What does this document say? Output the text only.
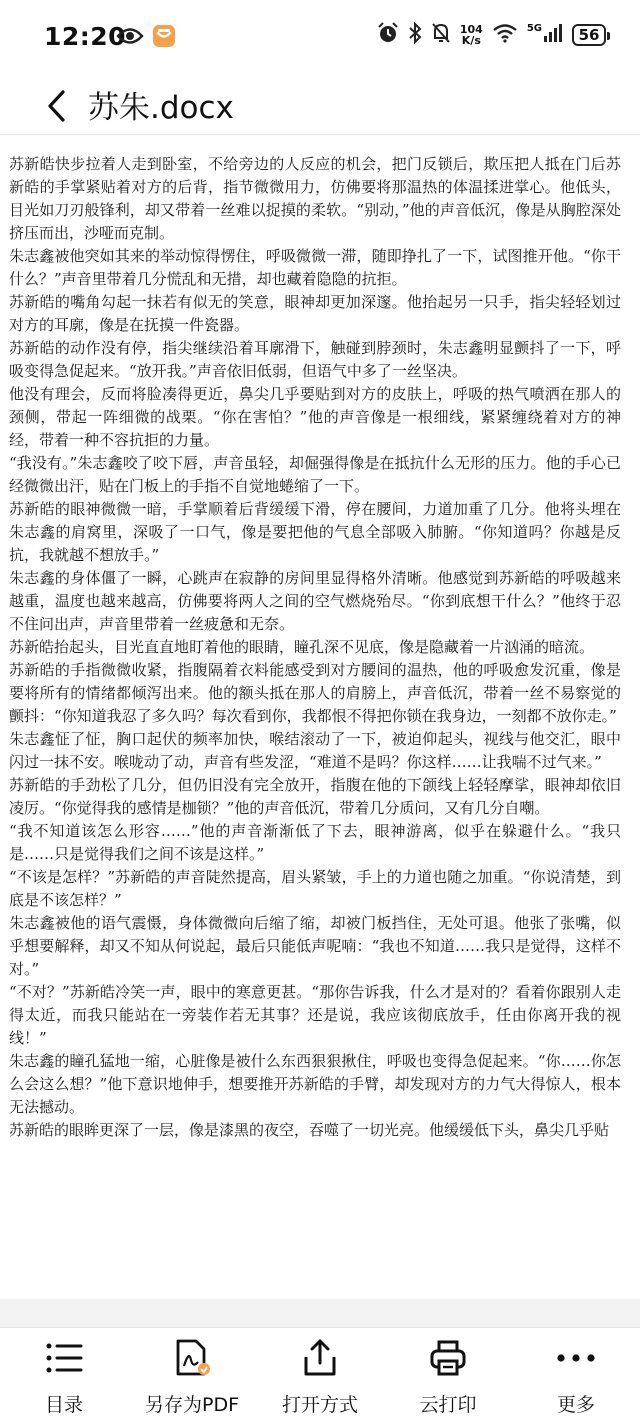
12:20	104
K/s
5G	56
苏朱.docx

苏新皓快步拉着人走到卧室，不给旁边的人反应的机会，把门反锁后，欺压把人抵在门后苏新皓的手掌紧贴着对方的后背，指节微微用力，仿佛要将那温热的体温揉进掌心。他低头，目光如刀刃般锋利，却又带着一丝难以捉摸的柔软。“别动，”他的声音低沉，像是从胸腔深处挤压而出，沙哑而克制。

朱志鑫被他突如其来的举动惊得愣住，呼吸微微一滞，随即挣扎了一下，试图推开他。“你干什么？”声音里带着几分慌乱和无措，却也藏着隐隐的抗拒。

苏新皓的嘴角勾起一抹若有似无的笑意，眼神却更加深邃。他抬起另一只手，指尖轻轻划过对方的耳廓，像是在抚摸一件瓷器。

苏新皓的动作没有停，指尖继续沿着耳廓滑下，触碰到脖颈时，朱志鑫明显颤抖了一下，呼吸变得急促起来。“放开我。”声音依旧低弱，但语气中多了一丝坚决。

他没有理会，反而将脸凑得更近，鼻尖几乎要贴到对方的皮肤上，呼吸的热气喷洒在那人的颈侧，带起一阵细微的战栗。“你在害怕？”他的声音像是一根细线，紧紧缠绕着对方的神经，带着一种不容抗拒的力量。

“我没有。”朱志鑫咬了咬下唇，声音虽轻，却倔强得像是在抵抗什么无形的压力。他的手心已经微微出汗，贴在门板上的手指不自觉地蜷缩了一下。

苏新皓的眼神微微一暗，手掌顺着后背缓缓下滑，停在腰间，力道加重了几分。他将头埋在朱志鑫的肩窝里，深吸了一口气，像是要把他的气息全部吸入肺腑。“你知道吗？你越是反抗，我就越不想放手。”

朱志鑫的身体僵了一瞬，心跳声在寂静的房间里显得格外清晰。他感觉到苏新皓的呼吸越来越重，温度也越来越高，仿佛要将两人之间的空气燃烧殆尽。“你到底想干什么？”他终于忍不住问出声，声音里带着一丝疲惫和无奈。

苏新皓抬起头，目光直直地盯着他的眼睛，瞳孔深不见底，像是隐藏着一片汹涌的暗流。

苏新皓的手指微微收紧，指腹隔着衣料能感受到对方腰间的温热，他的呼吸愈发沉重，像是要将所有的情绪都倾泻出来。他的额头抵在那人的肩膀上，声音低沉，带着一丝不易察觉的颤抖：“你知道我忍了多久吗？每次看到你，我都恨不得把你锁在我身边，一刻都不放你走。”

朱志鑫怔了怔，胸口起伏的频率加快，喉结滚动了一下，被迫仰起头，视线与他交汇，眼中闪过一抹不安。喉咙动了动，声音有些发涩，“难道不是吗？你这样……让我喘不过气来。”

苏新皓的手劲松了几分，但仍旧没有完全放开，指腹在他的下颌线上轻轻摩挲，眼神却依旧凌厉。“你觉得我的感情是枷锁？”他的声音低沉，带着几分质问，又有几分自嘲。

“我不知道该怎么形容……”他的声音渐渐低了下去，眼神游离，似乎在躲避什么。“我只是……只是觉得我们之间不该是这样。”

“不该是怎样？”苏新皓的声音陡然提高，眉头紧皱，手上的力道也随之加重。“你说清楚，到底是不该怎样？”

朱志鑫被他的语气震慑，身体微微向后缩了缩，却被门板挡住，无处可退。他张了张嘴，似乎想要解释，却又不知从何说起，最后只能低声呢喃：“我也不知道……我只是觉得，这样不对。”

“不对？”苏新皓冷笑一声，眼中的寒意更甚。“那你告诉我，什么才是对的？看着你跟别人走得太近，而我只能站在一旁装作若无其事？还是说，我应该彻底放手，任由你离开我的视线！”

朱志鑫的瞳孔猛地一缩，心脏像是被什么东西狠狠揪住，呼吸也变得急促起来。“你……你怎么会这么想？”他下意识地伸手，想要推开苏新皓的手臂，却发现对方的力气大得惊人，根本无法撼动。

苏新皓的眼眸更深了一层，像是漆黑的夜空，吞噬了一切光亮。他缓缓低下头，鼻尖几乎贴

目录	另存为PDF 打开方式	云打印	更多
